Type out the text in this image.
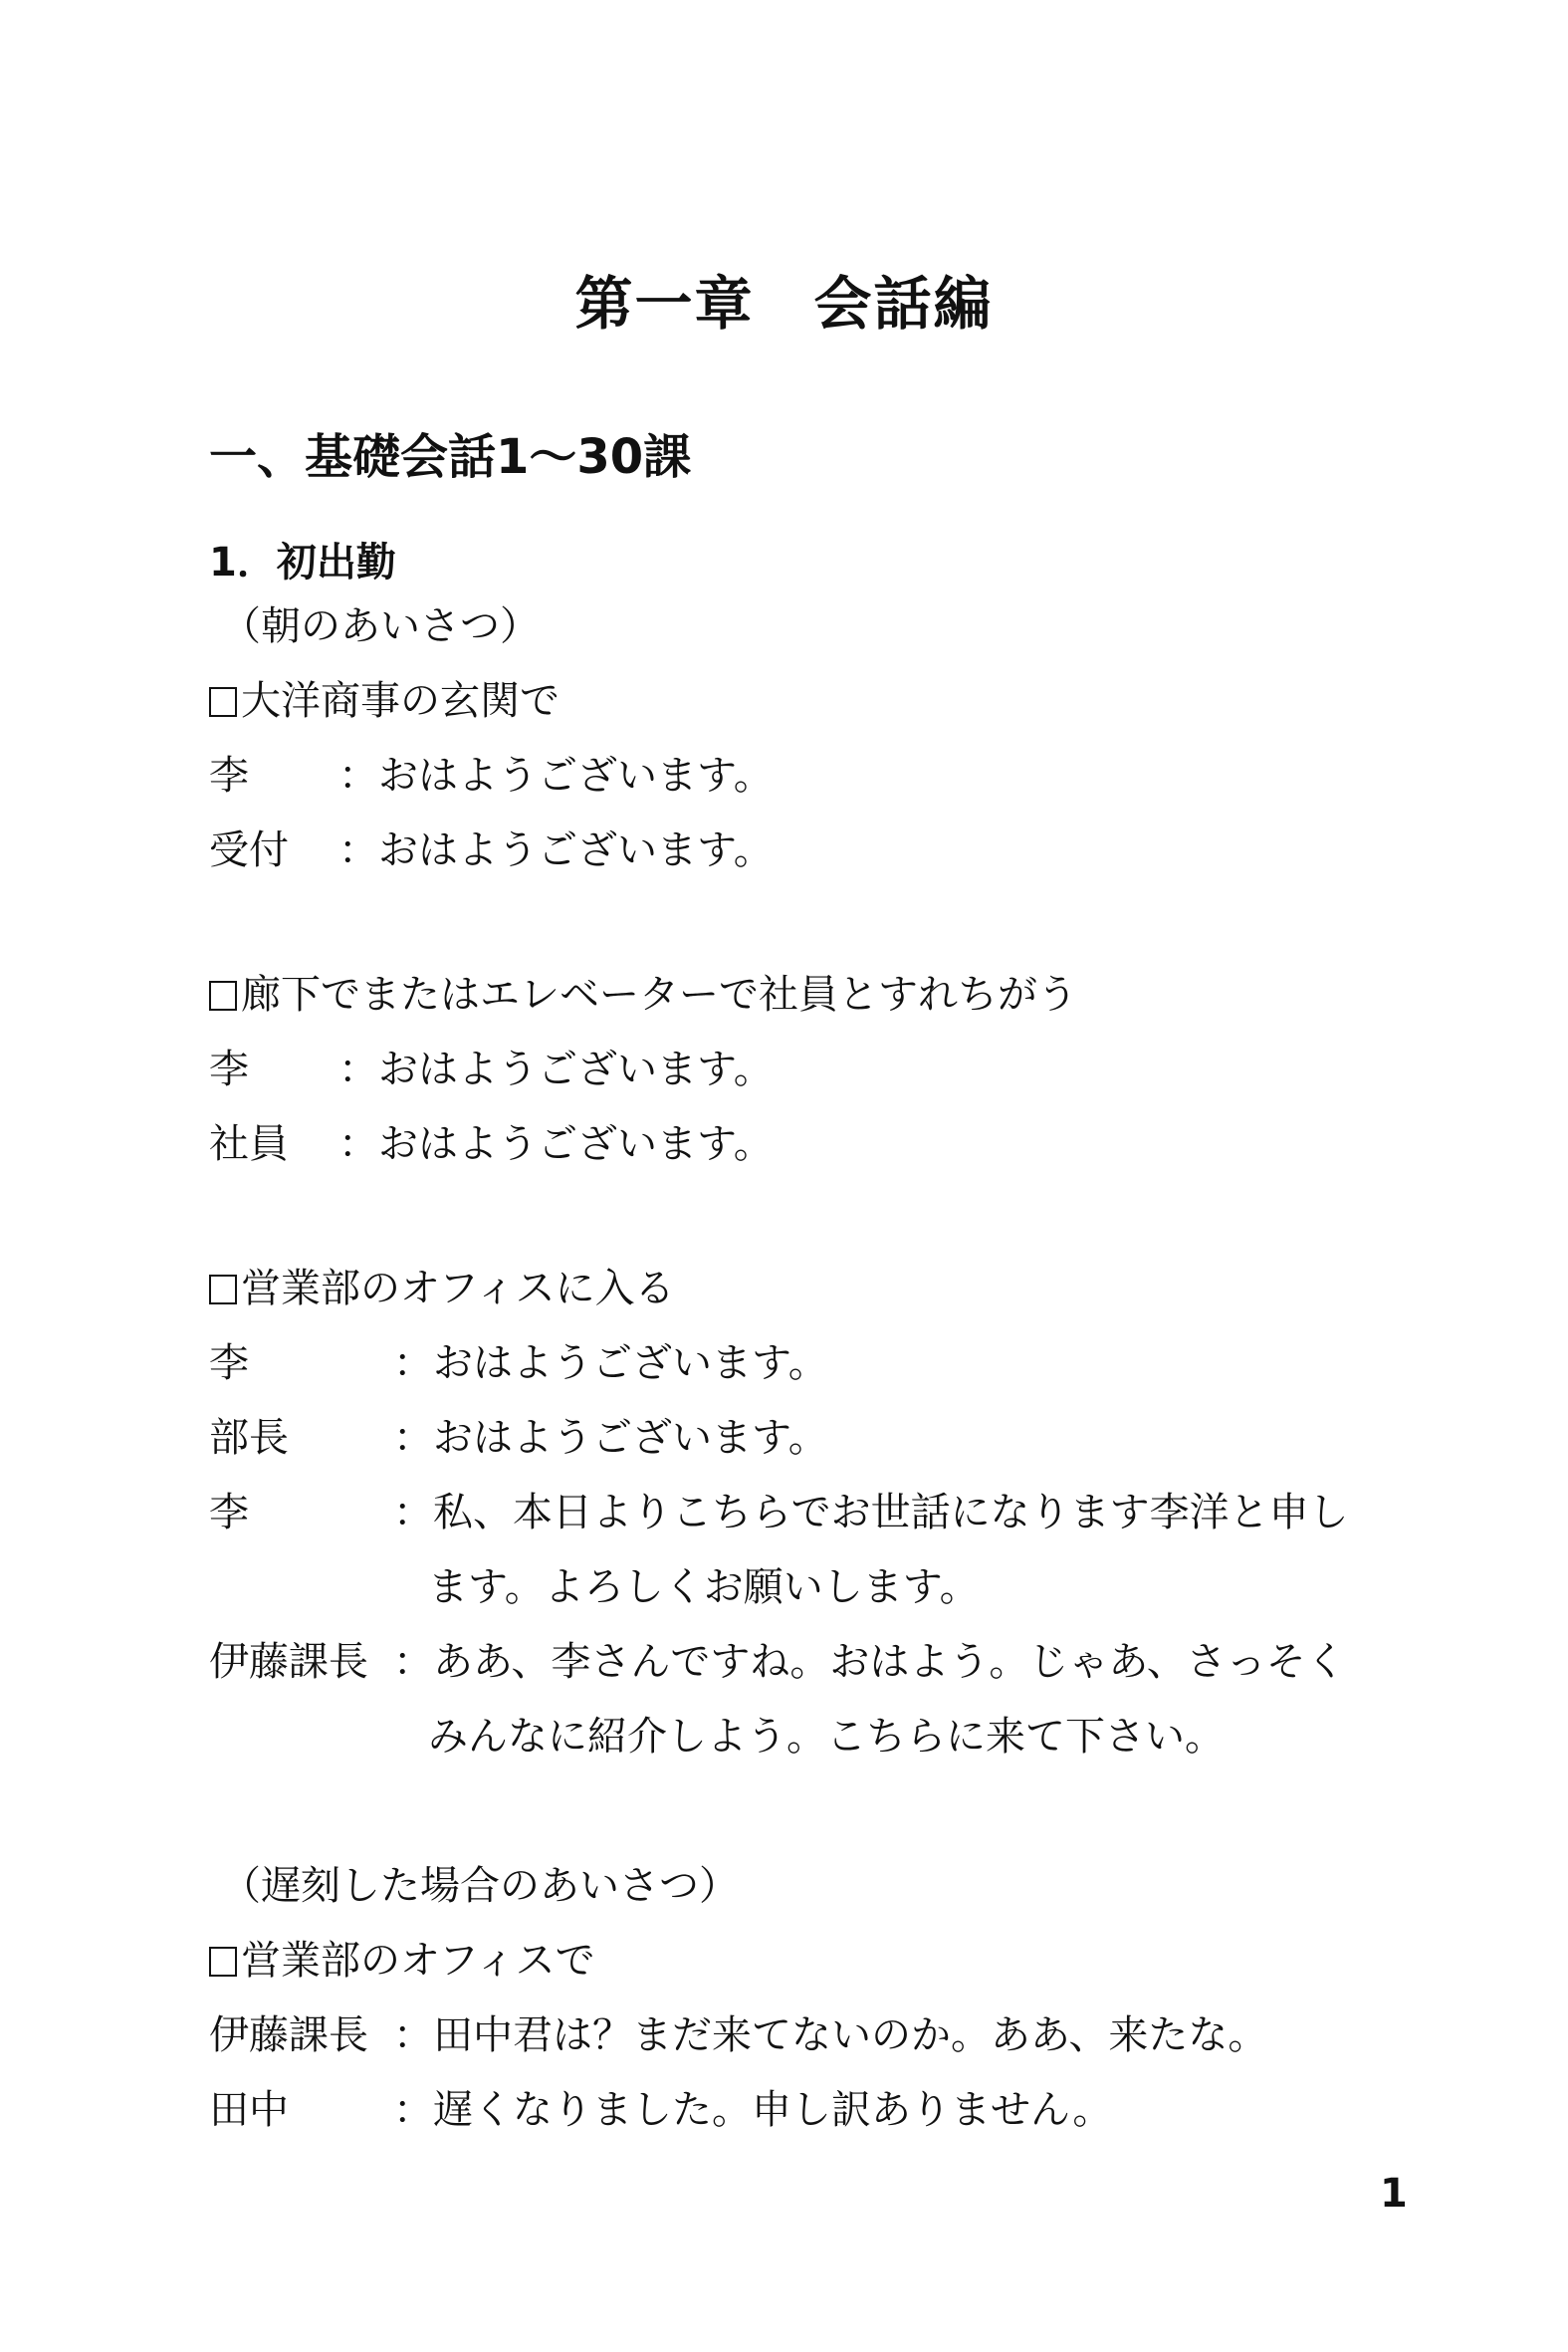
第一章　会話編
一、基礎会話1～30課
1．初出勤
（朝のあいさつ）
大洋商事の玄関で
李 ：おはようございます。
受付 ：おはようございます。
廊下でまたはエレベーターで社員とすれちがう
李 ：おはようございます。
社員 ：おはようございます。
営業部のオフィスに入る
李	：おはようございます。
部長	：おはようございます。
李	：私、本日よりこちらでお世話になります李洋と申し
ます。よろしくお願いします。
伊藤課長 ：ああ、李さんですね。おはよう。じゃあ、さっそく
みんなに紹介しよう。こちらに来て下さい。
（遅刻した場合のあいさつ）
営業部のオフィスで
伊藤課長 ：田中君は？まだ来てないのか。ああ、来たな。
田中	：遅くなりました。申し訳ありません。
1
